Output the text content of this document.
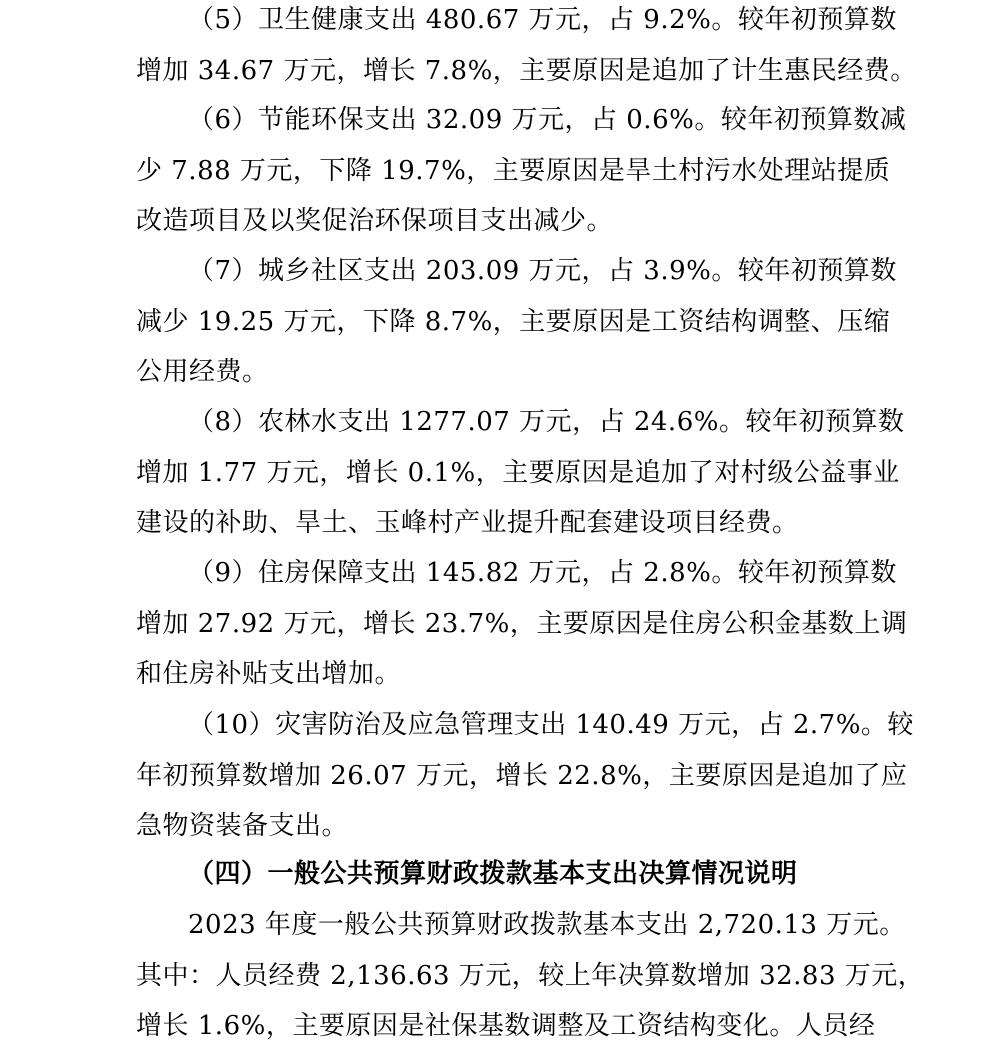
（5）卫生健康支出 480.67 万元，占 9.2%。较年初预算数
增加 34.67 万元，增长 7.8%，主要原因是追加了计生惠民经费。
（6）节能环保支出 32.09 万元，占 0.6%。较年初预算数减
少 7.88 万元，下降 19.7%，主要原因是旱土村污水处理站提质
改造项目及以奖促治环保项目支出减少。
（7）城乡社区支出 203.09 万元，占 3.9%。较年初预算数
减少 19.25 万元，下降 8.7%，主要原因是工资结构调整、压缩
公用经费。
（8）农林水支出 1277.07 万元，占 24.6%。较年初预算数
增加 1.77 万元，增长 0.1%，主要原因是追加了对村级公益事业
建设的补助、旱土、玉峰村产业提升配套建设项目经费。
（9）住房保障支出 145.82 万元，占 2.8%。较年初预算数
增加 27.92 万元，增长 23.7%，主要原因是住房公积金基数上调
和住房补贴支出增加。
（10）灾害防治及应急管理支出 140.49 万元，占 2.7%。较
年初预算数增加 26.07 万元，增长 22.8%，主要原因是追加了应
急物资装备支出。
（四）一般公共预算财政拨款基本支出决算情况说明
2023 年度一般公共预算财政拨款基本支出 2,720.13 万元。
其中：人员经费 2,136.63 万元，较上年决算数增加 32.83 万元，
增长 1.6%，主要原因是社保基数调整及工资结构变化。人员经
